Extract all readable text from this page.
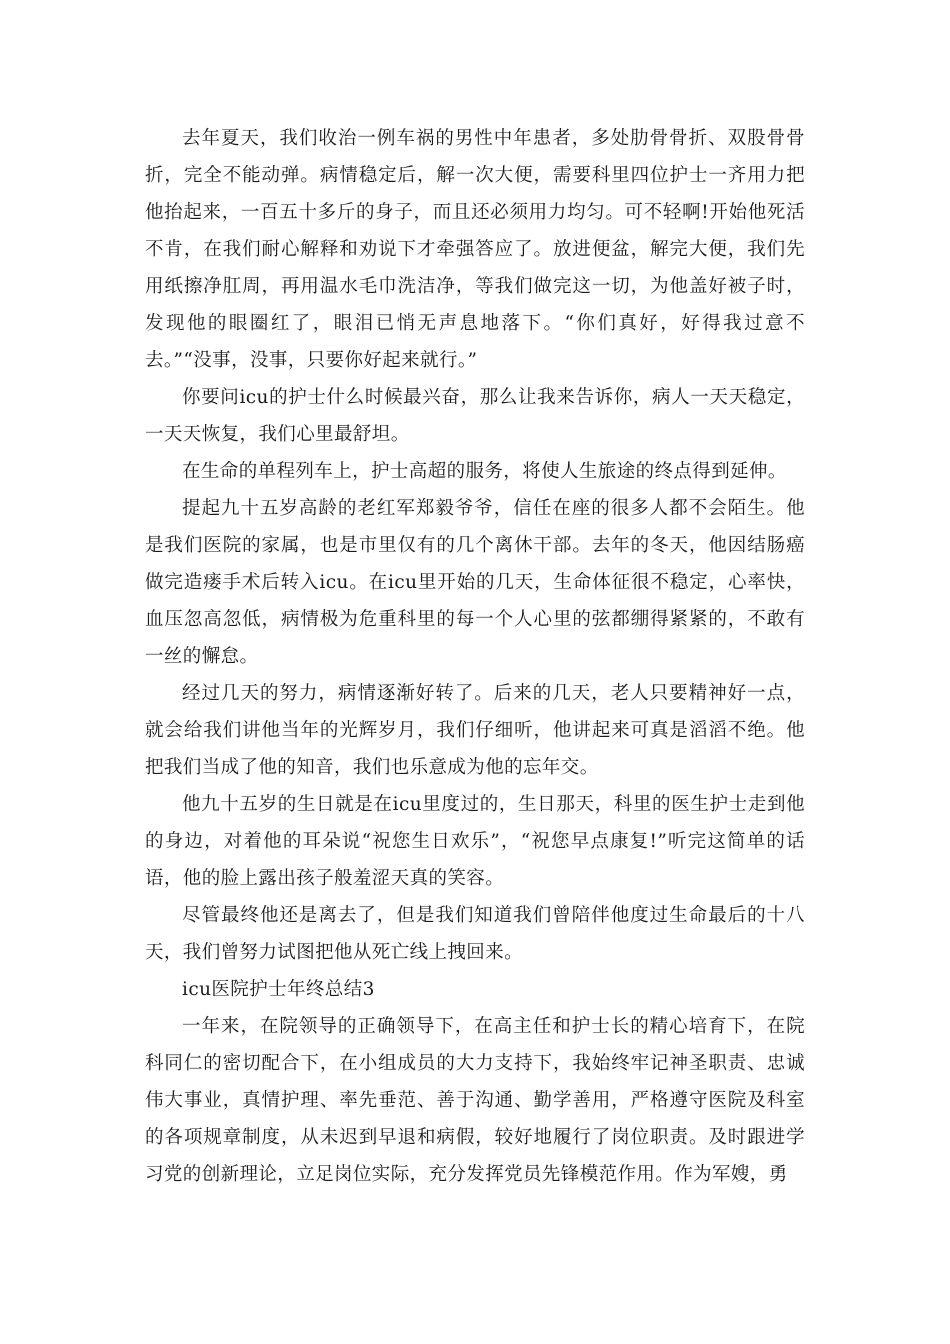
去年夏天，我们收治一例车祸的男性中年患者，多处肋骨骨折、双股骨骨折，完全不能动弹。病情稳定后，解一次大便，需要科里四位护士一齐用力把他抬起来，一百五十多斤的身子，而且还必须用力均匀。可不轻啊!开始他死活不肯，在我们耐心解释和劝说下才牵强答应了。放进便盆，解完大便，我们先用纸擦净肛周，再用温水毛巾洗洁净，等我们做完这一切，为他盖好被子时，发现他的眼圈红了，眼泪已悄无声息地落下。“你们真好，好得我过意不去。”“没事，没事，只要你好起来就行。”

你要问icu的护士什么时候最兴奋，那么让我来告诉你，病人一天天稳定，一天天恢复，我们心里最舒坦。

在生命的单程列车上，护士高超的服务，将使人生旅途的终点得到延伸。

提起九十五岁高龄的老红军郑毅爷爷，信任在座的很多人都不会陌生。他是我们医院的家属，也是市里仅有的几个离休干部。去年的冬天，他因结肠癌做完造瘘手术后转入icu。在icu里开始的几天，生命体征很不稳定，心率快，血压忽高忽低，病情极为危重科里的每一个人心里的弦都绷得紧紧的，不敢有一丝的懈怠。

经过几天的努力，病情逐渐好转了。后来的几天，老人只要精神好一点，就会给我们讲他当年的光辉岁月，我们仔细听，他讲起来可真是滔滔不绝。他把我们当成了他的知音，我们也乐意成为他的忘年交。

他九十五岁的生日就是在icu里度过的，生日那天，科里的医生护士走到他的身边，对着他的耳朵说“祝您生日欢乐”，“祝您早点康复!”听完这简单的话语，他的脸上露出孩子般羞涩天真的笑容。

尽管最终他还是离去了，但是我们知道我们曾陪伴他度过生命最后的十八天，我们曾努力试图把他从死亡线上拽回来。

icu医院护士年终总结3

一年来，在院领导的正确领导下，在高主任和护士长的精心培育下，在院科同仁的密切配合下，在小组成员的大力支持下，我始终牢记神圣职责、忠诚伟大事业，真情护理、率先垂范、善于沟通、勤学善用，严格遵守医院及科室的各项规章制度，从未迟到早退和病假，较好地履行了岗位职责。及时跟进学习党的创新理论，立足岗位实际，充分发挥党员先锋模范作用。作为军嫂，勇
